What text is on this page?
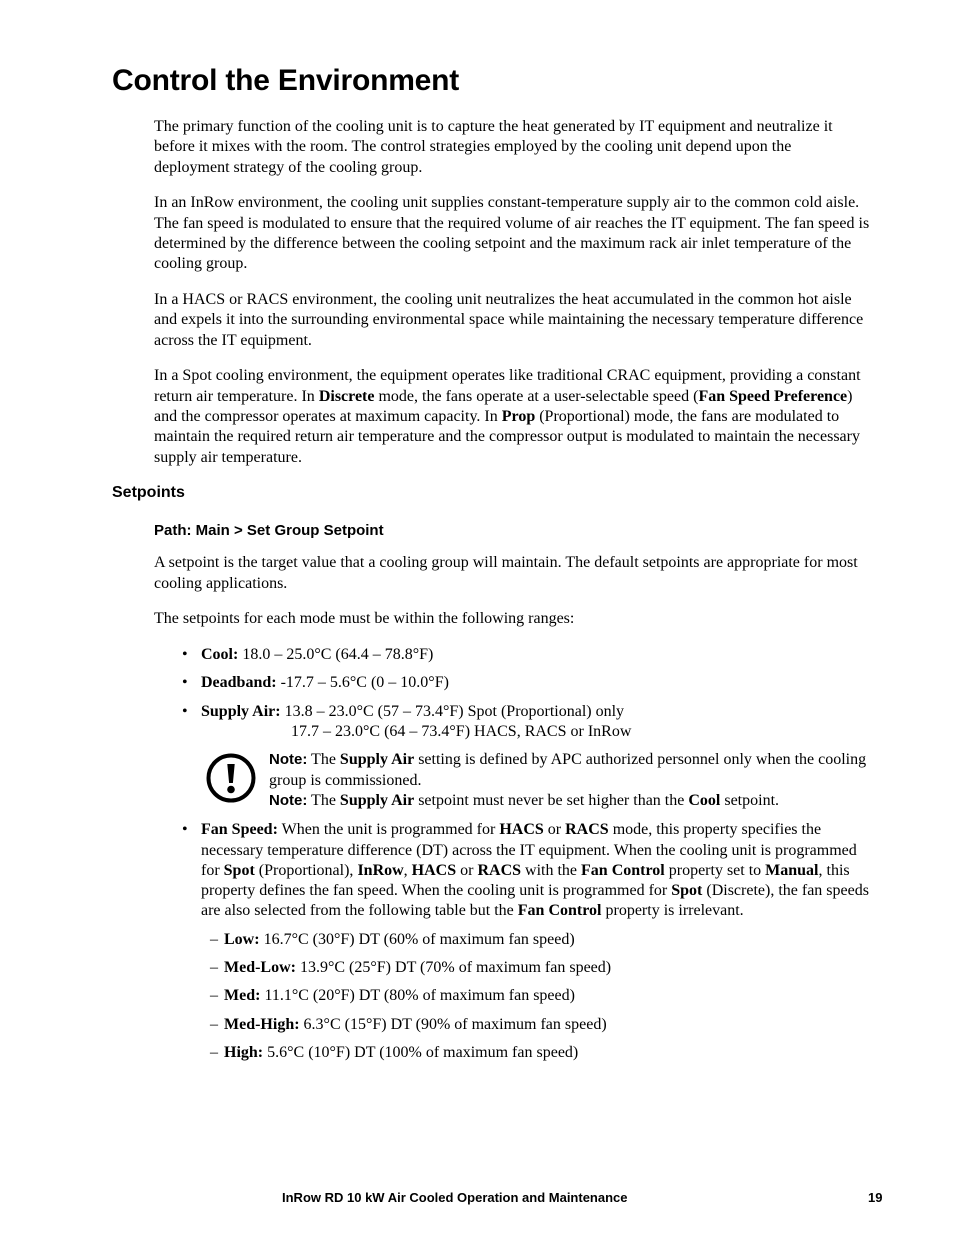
Control the Environment

The primary function of the cooling unit is to capture the heat generated by IT equipment and neutralize it before it mixes with the room. The control strategies employed by the cooling unit depend upon the deployment strategy of the cooling group.

In an InRow environment, the cooling unit supplies constant-temperature supply air to the common cold aisle. The fan speed is modulated to ensure that the required volume of air reaches the IT equipment. The fan speed is determined by the difference between the cooling setpoint and the maximum rack air inlet temperature of the cooling group.

In a HACS or RACS environment, the cooling unit neutralizes the heat accumulated in the common hot aisle and expels it into the surrounding environmental space while maintaining the necessary temperature difference across the IT equipment.

In a Spot cooling environment, the equipment operates like traditional CRAC equipment, providing a constant return air temperature. In Discrete mode, the fans operate at a user-selectable speed (Fan Speed Preference) and the compressor operates at maximum capacity. In Prop (Proportional) mode, the fans are modulated to maintain the required return air temperature and the compressor output is modulated to maintain the necessary supply air temperature.

Setpoints
Path: Main > Set Group Setpoint

A setpoint is the target value that a cooling group will maintain. The default setpoints are appropriate for most cooling applications.

The setpoints for each mode must be within the following ranges:

• Cool: 18.0 – 25.0°C (64.4 – 78.8°F)
• Deadband: -17.7 – 5.6°C (0 – 10.0°F)
• Supply Air: 13.8 – 23.0°C (57 – 73.4°F) Spot (Proportional) only
17.7 – 23.0°C (64 – 73.4°F) HACS, RACS or InRow
Note: The Supply Air setting is defined by APC authorized personnel only when the cooling group is commissioned.
Note: The Supply Air setpoint must never be set higher than the Cool setpoint.
• Fan Speed: When the unit is programmed for HACS or RACS mode, this property specifies the necessary temperature difference (DT) across the IT equipment. When the cooling unit is programmed for Spot (Proportional), InRow, HACS or RACS with the Fan Control property set to Manual, this property defines the fan speed. When the cooling unit is programmed for Spot (Discrete), the fan speeds are also selected from the following table but the Fan Control property is irrelevant.
– Low: 16.7°C (30°F) DT (60% of maximum fan speed)
– Med-Low: 13.9°C (25°F) DT (70% of maximum fan speed)
– Med: 11.1°C (20°F) DT (80% of maximum fan speed)
– Med-High: 6.3°C (15°F) DT (90% of maximum fan speed)
– High: 5.6°C (10°F) DT (100% of maximum fan speed)
InRow RD 10 kW Air Cooled Operation and Maintenance	19
